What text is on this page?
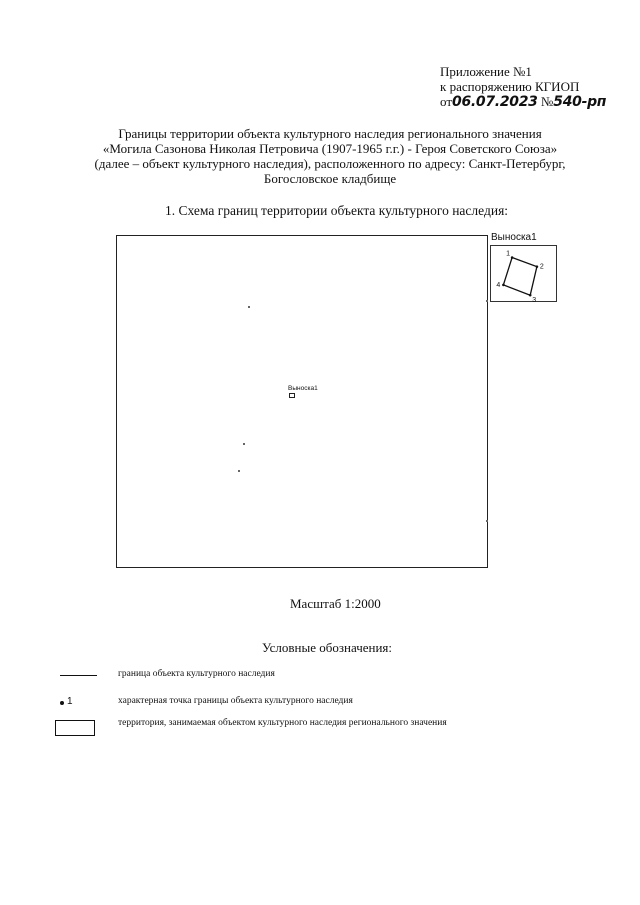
Приложение №1
к распоряжению КГИОП
от06.07.2023 №540-рп
Границы территории объекта культурного наследия регионального значения
«Могила Сазонова Николая Петровича (1907-1965 г.г.) - Героя Советского Союза»
(далее – объект культурного наследия), расположенного по адресу: Санкт-Петербург,
Богословское кладбище
1. Схема границ территории объекта культурного наследия:
Выноска1
Выноска1
1
2
3
4
Масштаб 1:2000
Условные обозначения:
граница объекта культурного наследия
1	характерная точка границы объекта культурного наследия
территория, занимаемая объектом культурного наследия регионального значения
